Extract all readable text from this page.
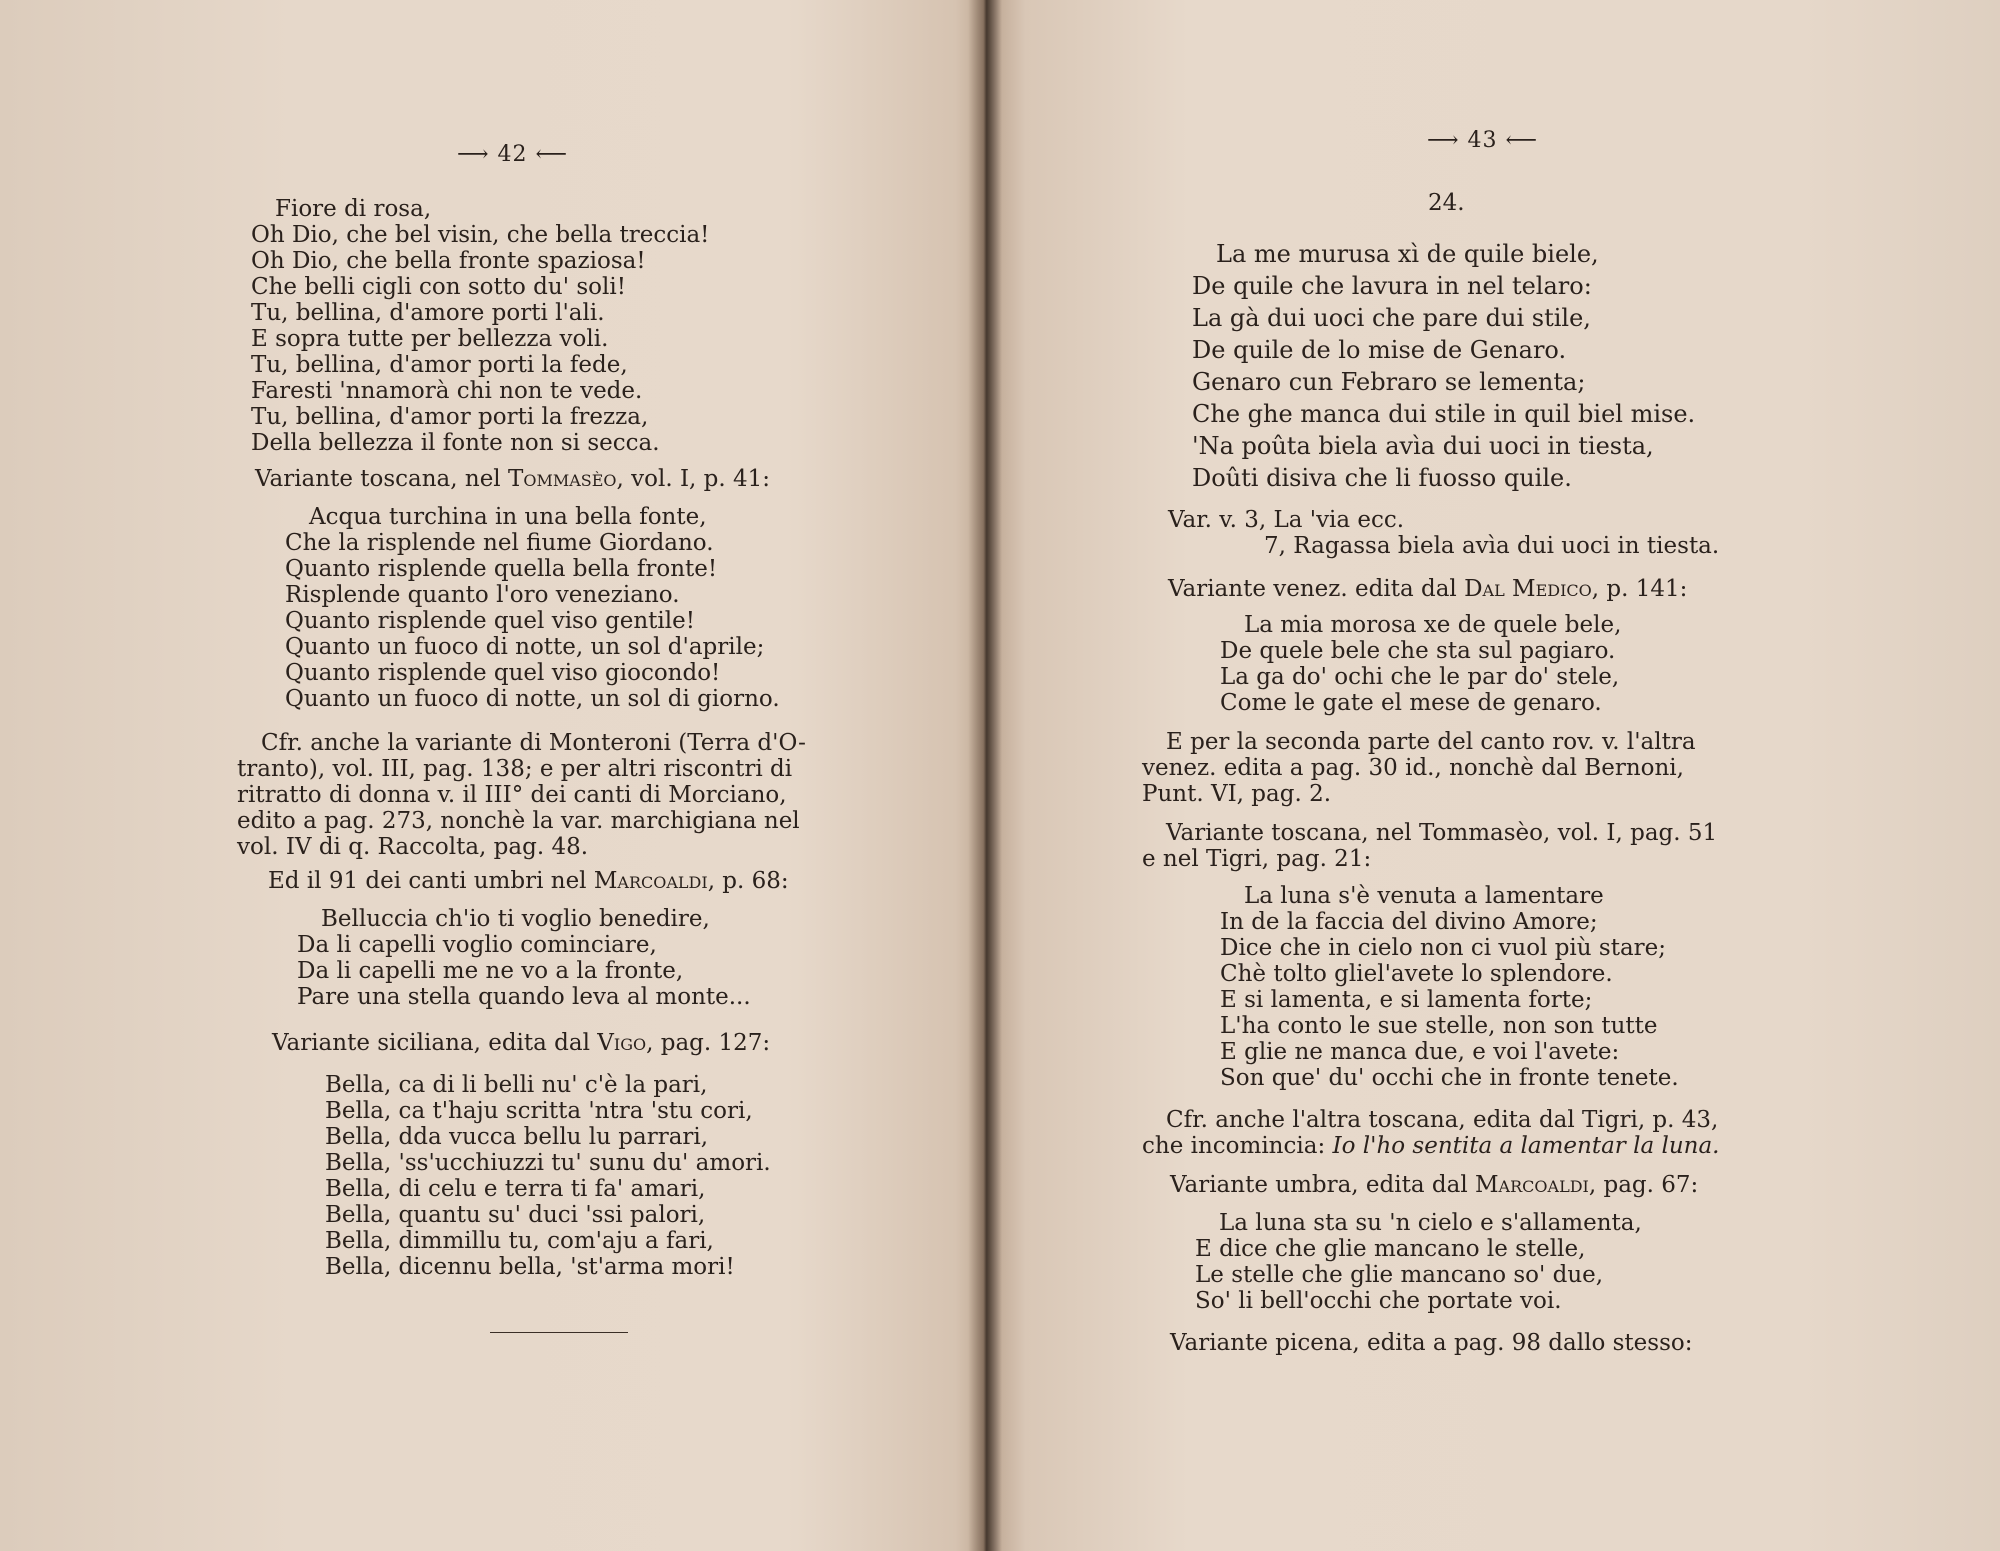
⟶ 42 ⟵
⟶ 43 ⟵
Fiore di rosa,
Oh Dio, che bel visin, che bella treccia!
Oh Dio, che bella fronte spaziosa!
Che belli cigli con sotto du' soli!
Tu, bellina, d'amore porti l'ali.
E sopra tutte per bellezza voli.
Tu, bellina, d'amor porti la fede,
Faresti 'nnamorà chi non te vede.
Tu, bellina, d'amor porti la frezza,
Della bellezza il fonte non si secca.
Variante toscana, nel Tommasèo, vol. I, p. 41:
Acqua turchina in una bella fonte,
Che la risplende nel fiume Giordano.
Quanto risplende quella bella fronte!
Risplende quanto l'oro veneziano.
Quanto risplende quel viso gentile!
Quanto un fuoco di notte, un sol d'aprile;
Quanto risplende quel viso giocondo!
Quanto un fuoco di notte, un sol di giorno.
Cfr. anche la variante di Monteroni (Terra d'O-
tranto), vol. III, pag. 138; e per altri riscontri di
ritratto di donna v. il III° dei canti di Morciano,
edito a pag. 273, nonchè la var. marchigiana nel
vol. IV di q. Raccolta, pag. 48.
Ed il 91 dei canti umbri nel Marcoaldi, p. 68:
Belluccia ch'io ti voglio benedire,
Da li capelli voglio cominciare,
Da li capelli me ne vo a la fronte,
Pare una stella quando leva al monte...
Variante siciliana, edita dal Vigo, pag. 127:
Bella, ca di li belli nu' c'è la pari,
Bella, ca t'haju scritta 'ntra 'stu cori,
Bella, dda vucca bellu lu parrari,
Bella, 'ss'ucchiuzzi tu' sunu du' amori.
Bella, di celu e terra ti fa' amari,
Bella, quantu su' duci 'ssi palori,
Bella, dimmillu tu, com'aju a fari,
Bella, dicennu bella, 'st'arma mori!
24.
La me murusa xì de quile biele,
De quile che lavura in nel telaro:
La gà dui uoci che pare dui stile,
De quile de lo mise de Genaro.
Genaro cun Febraro se lementa;
Che ghe manca dui stile in quil biel mise.
'Na poûta biela avìa dui uoci in tiesta,
Doûti disiva che li fuosso quile.
Var. v. 3, La 'via ecc.
7, Ragassa biela avìa dui uoci in tiesta.
Variante venez. edita dal Dal Medico, p. 141:
La mia morosa xe de quele bele,
De quele bele che sta sul pagiaro.
La ga do' ochi che le par do' stele,
Come le gate el mese de genaro.
E per la seconda parte del canto rov. v. l'altra
venez. edita a pag. 30 id., nonchè dal Bernoni,
Punt. VI, pag. 2.
Variante toscana, nel Tommasèo, vol. I, pag. 51
e nel Tigri, pag. 21:
La luna s'è venuta a lamentare
In de la faccia del divino Amore;
Dice che in cielo non ci vuol più stare;
Chè tolto gliel'avete lo splendore.
E si lamenta, e si lamenta forte;
L'ha conto le sue stelle, non son tutte
E glie ne manca due, e voi l'avete:
Son que' du' occhi che in fronte tenete.
Cfr. anche l'altra toscana, edita dal Tigri, p. 43,
che incomincia: Io l'ho sentita a lamentar la luna.
Variante umbra, edita dal Marcoaldi, pag. 67:
La luna sta su 'n cielo e s'allamenta,
E dice che glie mancano le stelle,
Le stelle che glie mancano so' due,
So' li bell'occhi che portate voi.
Variante picena, edita a pag. 98 dallo stesso:
